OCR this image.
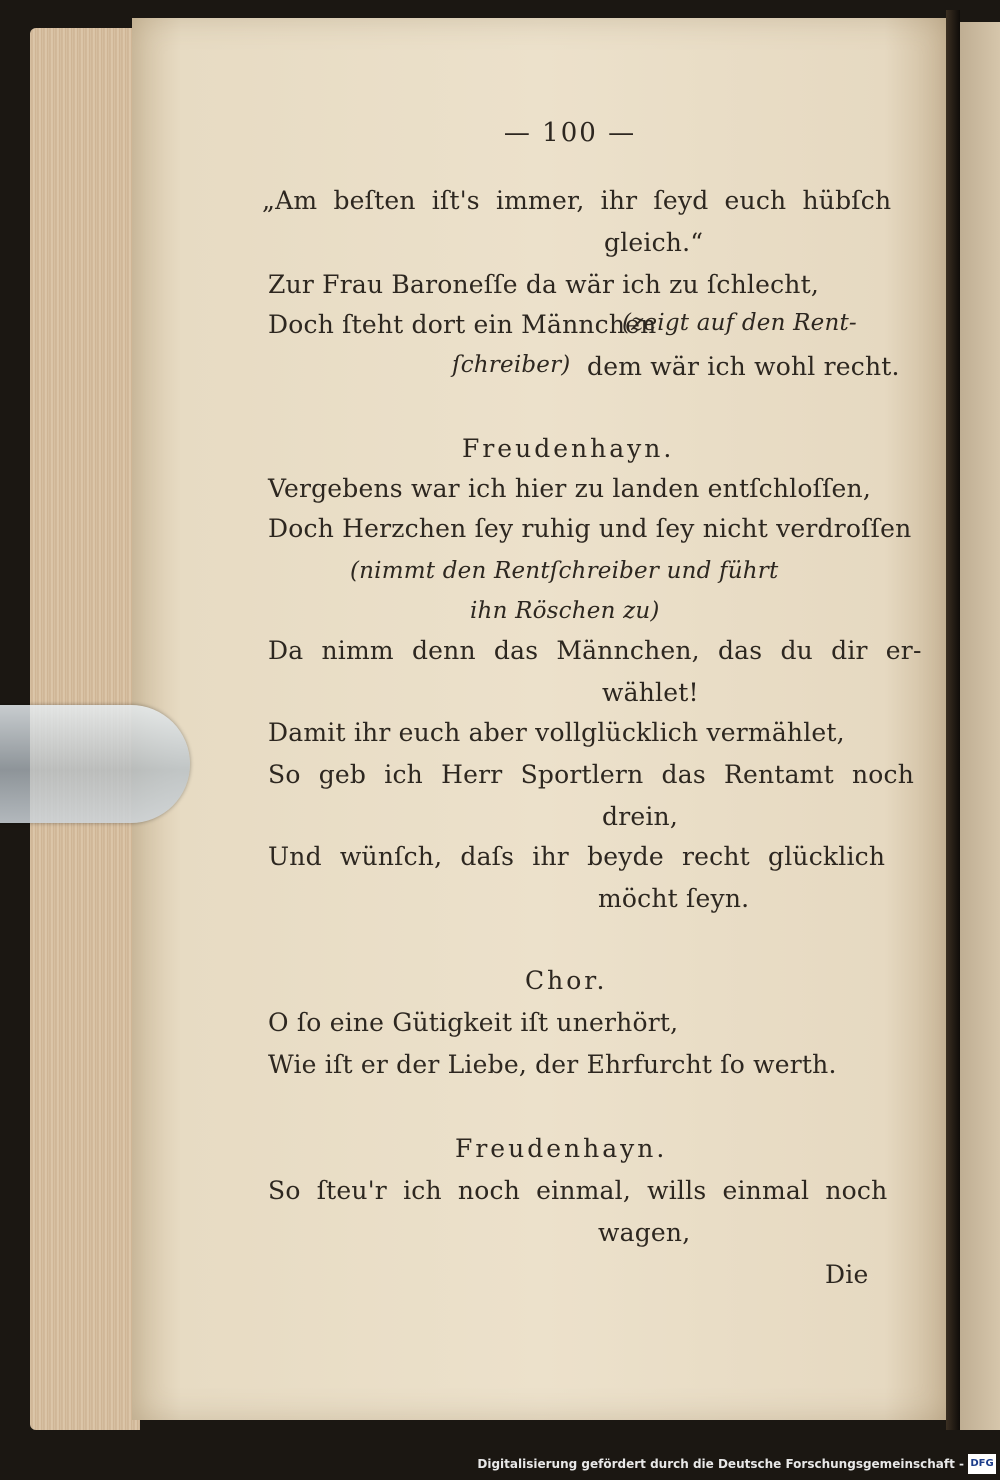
— 100 —
„Am beſten iſt's immer, ihr ſeyd euch hübſch
gleich.“
Zur Frau Baroneſſe da wär ich zu ſchlecht,
Doch ſteht dort ein Männchen
(zeigt auf den Rent-
ſchreiber) dem wär ich wohl recht.
Freudenhayn.
Vergebens war ich hier zu landen entſchloſſen,
Doch Herzchen ſey ruhig und ſey nicht verdroſſen
(nimmt den Rentſchreiber und führt
ihn Röschen zu)
Da nimm denn das Männchen, das du dir er-
wählet!
Damit ihr euch aber vollglücklich vermählet,
So geb ich Herr Sportlern das Rentamt noch
drein,
Und wünſch, daſs ihr beyde recht glücklich
möcht ſeyn.
Chor.
O ſo eine Gütigkeit iſt unerhört,
Wie iſt er der Liebe, der Ehrfurcht ſo werth.
Freudenhayn.
So ſteu'r ich noch einmal, wills einmal noch
wagen,
Die
Digitalisierung gefördert durch die Deutsche Forschungsgemeinschaft - DFG
